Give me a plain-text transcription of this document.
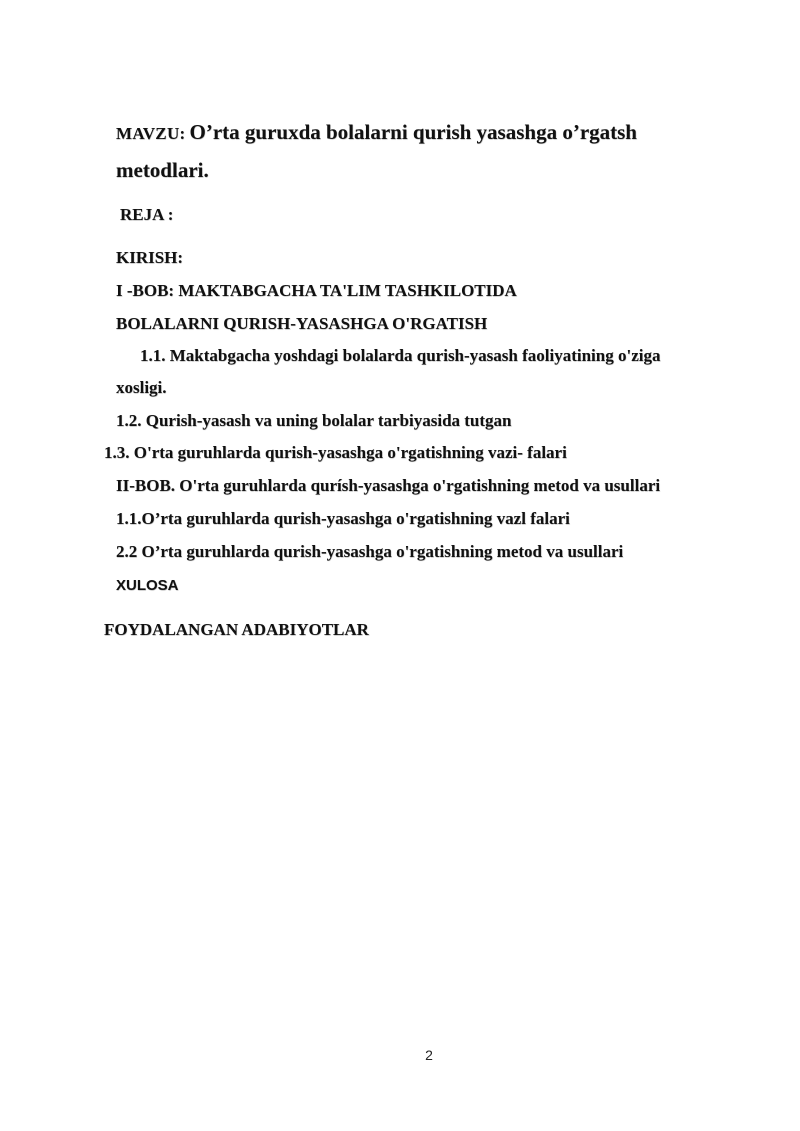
MAVZU: O’rta guruxda bolalarni qurish yasashga o’rgatsh
metodlari.
REJA :
KIRISH:
I -BOB: MAKTABGACHA TA'LIM TASHKILOTIDA
BOLALARNI QURISH-YASASHGA O'RGATISH
1.1. Maktabgacha yoshdagi bolalarda qurish-yasash faoliyatining o'ziga
xosligi.
1.2. Qurish-yasash va uning bolalar tarbiyasida tutgan
1.3. O'rta guruhlarda qurish-yasashga o'rgatishning vazi- falari
II-BOB. O'rta guruhlarda qurísh-yasashga o'rgatishning metod va usullari
1.1.O’rta guruhlarda qurish-yasashga o'rgatishning vazl falari
2.2 O’rta guruhlarda qurish-yasashga o'rgatishning metod va usullari
XULOSA
FOYDALANGAN ADABIYOTLAR
2
